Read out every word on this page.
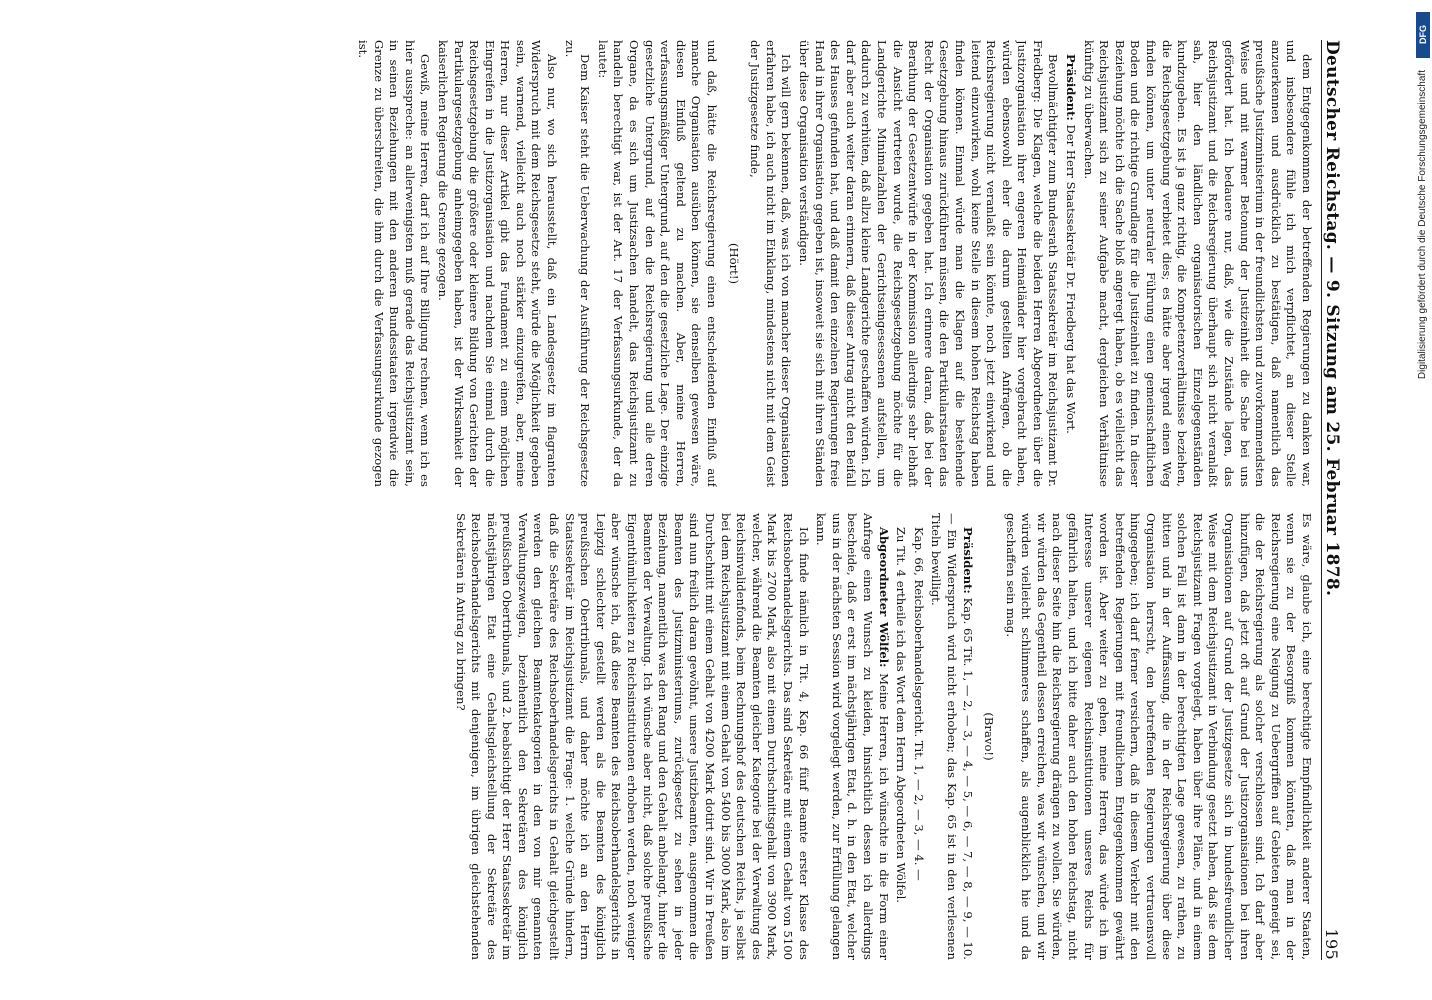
Deutscher Reichstag. — 9. Sitzung am 25. Februar 1878.
195

dem Entgegenkommen der betreffenden Regierungen zu danken war, und insbesondere fühle ich mich verpflichtet, an dieser Stelle anzuerkennen und ausdrücklich zu bestätigen, daß namentlich das preußische Justizministerium in der freundlichsten und zuvorkommendsten Weise und mit warmer Betonung der Justizeinheit die Sache bei uns gefördert hat. Ich bedauere nur, daß, wie die Zustände lagen, das Reichsjustizamt und die Reichsregierung überhaupt sich nicht veranlaßt sah, hier den ländlichen organisatorischen Einzelgegenständen kundzugeben. Es ist ja ganz richtig, die Kompetenzverhältnisse beziehen, die Reichsgesetzgebung verbietet dies; es hätte aber irgend einen Weg finden können, um unter neutraler Führung einen gemeinschaftlichen Boden und die richtige Grundlage für die Justizeinheit zu finden. In dieser Beziehung möchte ich die Sache bloß angeregt haben, ob es vielleicht das Reichsjustizamt sich zu seiner Aufgabe macht, dergleichen Verhältnisse künftig zu überwachen.

Präsident: Der Herr Staatssekretär Dr. Friedberg hat das Wort.

Bevollmächtigter zum Bundesrath Staatssekretär im Reichsjustizamt Dr. Friedberg: Die Klagen, welche die beiden Herren Abgeordneten über die Justizorganisation ihrer engeren Heimatländer hier vorgebracht haben, würden ebensowohl eher die darum gestellten Anfragen, ob die Reichsregierung nicht veranlaßt sein könnte, noch jetzt einwirkend und leitend einzuwirken, wohl keine Stelle in diesem hohen Reichstag haben finden können. Einmal würde man die Klagen auf die bestehende Gesetzgebung hinaus zurückführen müssen, die den Partikularstaaten das Recht der Organisation gegeben hat. Ich erinnere daran, daß bei der Berathung der Gesetzentwürfe in der Kommission allerdings sehr lebhaft die Ansicht vertreten wurde, die Reichsgesetzgebung möchte für die Landgerichte Minimalzahlen der Gerichtseingesessenen aufstellen, um dadurch zu verhüten, daß allzu kleine Landgerichte geschaffen würden. Ich darf aber auch weiter daran erinnern, daß dieser Antrag nicht den Beifall des Hauses gefunden hat, und daß damit den einzelnen Regierungen freie Hand in ihrer Organisation gegeben ist, insoweit sie sich mit ihren Ständen über diese Organisation verständigen.

Ich will gern bekennen, daß, was ich von mancher dieser Organisationen erfahren habe, ich auch nicht im Einklang, mindestens nicht mit dem Geist der Justizgesetze finde,

(Hört!)

und daß, hätte die Reichsregierung einen entscheidenden Einfluß auf manche Organisation ausüben können, sie denselben gewesen wäre, diesen Einfluß geltend zu machen. Aber, meine Herren, verfassungsmäßiger Untergrund, auf den die gesetzliche Lage. Der einzige gesetzliche Untergrund, auf den die Reichsregierung und alle deren Organe, da es sich um Justizsachen handelt, das Reichsjustizamt zu handeln berechtigt war, ist der Art. 17 der Verfassungsurkunde, der da lautet:

Dem Kaiser steht die Ueberwachung der Ausführung der Reichsgesetze zu.

Also nur, wo sich herausstellt, daß ein Landesgesetz im flagranten Widerspruch mit dem Reichsgesetze steht, würde die Möglichkeit gegeben sein, warnend, vielleicht auch noch stärker einzugreifen, aber, meine Herren, nur dieser Artikel gibt das Fundament zu einem möglichen Eingreifen in die Justizorganisation und nachdem Sie einmal durch die Reichsgesetzgebung die größere oder kleinere Bildung von Gerichten der Partikulargesetzgebung anheimgegeben haben, ist der Wirksamkeit der kaiserlichen Regierung die Grenze gezogen.

Gewiß, meine Herren, darf ich auf Ihre Billigung rechnen, wenn ich es hier ausspreche: an allerwenigsten muß gerade das Reichsjustizamt sein, in seinen Beziehungen mit den anderen Bundesstaaten irgendwie die Grenze zu überschreiten, die ihm durch die Verfassungsurkunde gezogen ist.

Es wäre, glaube ich, eine berechtigte Empfindlichkeit anderer Staaten, wenn sie zu der Besorgniß kommen könnten, daß man in der Reichsregierung eine Neigung zu Uebergriffen auf Gebieten geneigt sei, die der Reichsregierung als solcher verschlossen sind. Ich darf aber hinzufügen, daß jetzt oft auf Grund der Justizorganisationen bei ihren Organisationen auf Grund der Justizgesetze sich in bundesfreundlicher Weise mit dem Reichsjustizamt in Verbindung gesetzt haben, daß sie dem Reichsjustizamt Fragen vorgelegt, haben über ihre Pläne, und in einem solchen Fall ist dann in der berechtigten Lage gewesen, zu rathen, zu bitten und in der Auffassung, die in der Reichsregierung über diese Organisation herrscht, den betreffenden Regierungen vertrauensvoll hingegeben; ich darf ferner versichern, daß in diesem Verkehr mit den betreffenden Regierungen mit freundlichem Entgegenkommen gewährt worden ist. Aber weiter zu gehen, meine Herren, das würde ich im Interesse unserer eigenen Reichsinstitutionen unseres Reichs für gefährlich halten, und ich bitte daher auch den hohen Reichstag, nicht nach dieser Seite hin die Reichsregierung drängen zu wollen. Sie würden, wir würden das Gegentheil dessen erreichen, was wir wünschen, und wir würden vielleicht schlimmeres schaffen, als augenblicklich hie und da geschaffen sein mag.

(Bravo!)

Präsident: Kap. 65 Tit. 1, — 2, — 3, — 4, — 5, — 6, — 7, — 8, — 9, — 10. — Ein Widerspruch wird nicht erhoben; das Kap. 65 ist in den verlesenen Titeln bewilligt.

Kap. 66, Reichsoberhandelsgericht. Tit. 1, — 2, — 3, — 4. —

Zu Tit. 4 ertheile ich das Wort dem Herrn Abgeordneten Wölfel.

Abgeordneter Wölfel: Meine Herren, ich wünschte in die Form einer Anfrage einen Wunsch zu kleiden, hinsichtlich dessen ich allerdings bescheide, daß er erst im nächstjährigen Etat, d. h. in den Etat, welcher uns in der nächsten Session wird vorgelegt werden, zur Erfüllung gelangen kann.

Ich finde nämlich in Tit. 4, Kap. 66 fünf Beamte erster Klasse des Reichsoberhandelsgerichts. Das sind Sekretäre mit einem Gehalt von 5100 Mark bis 2700 Mark, also mit einem Durchschnittsgehalt von 3900 Mark, welcher, während die Beamten gleicher Kategorie bei der Verwaltung des Reichsinvalidenfonds, beim Rechnungshof des deutschen Reichs, ja selbst bei dem Reichsjustizamt mit einem Gehalt von 5400 bis 3000 Mark, also im Durchschnitt mit einem Gehalt von 4200 Mark dotirt sind. Wir in Preußen sind nun freilich daran gewöhnt, unsere Justizbeamten, ausgenommen die Beamten des Justizministeriums, zurückgesetzt zu sehen in jeder Beziehung, namentlich was den Rang und den Gehalt anbelangt, hinter die Beamten der Verwaltung. Ich wünsche aber nicht, daß solche preußische Eigenthümlichkeiten zu Reichsinstitutionen erhoben werden, noch weniger aber wünsche ich, daß diese Beamten des Reichsoberhandelsgerichts in Leipzig schlechter gestellt werden als die Beamten des königlich preußischen Obertribunals, und daher möchte ich an den Herrn Staatssekretär im Reichsjustizamt die Frage: 1. welche Gründe hindern, daß die Sekretäre des Reichsoberhandelsgerichts in Gehalt gleichgestellt werden den gleichen Beamtenkategorien in den von mir genannten Verwaltungszweigen, beziehentlich den Sekretären des königlich preußischen Obertribunals, und 2. beabsichtigt der Herr Staatssekretär im nächstjährigen Etat eine Gehaltsgleichstellung der Sekretäre des Reichsoberhandelsgerichts mit denjenigen, im übrigen gleichstehenden Sekretären in Antrag zu bringen?

DFG
Digitalisierung gefördert durch die Deutsche Forschungsgemeinschaft
